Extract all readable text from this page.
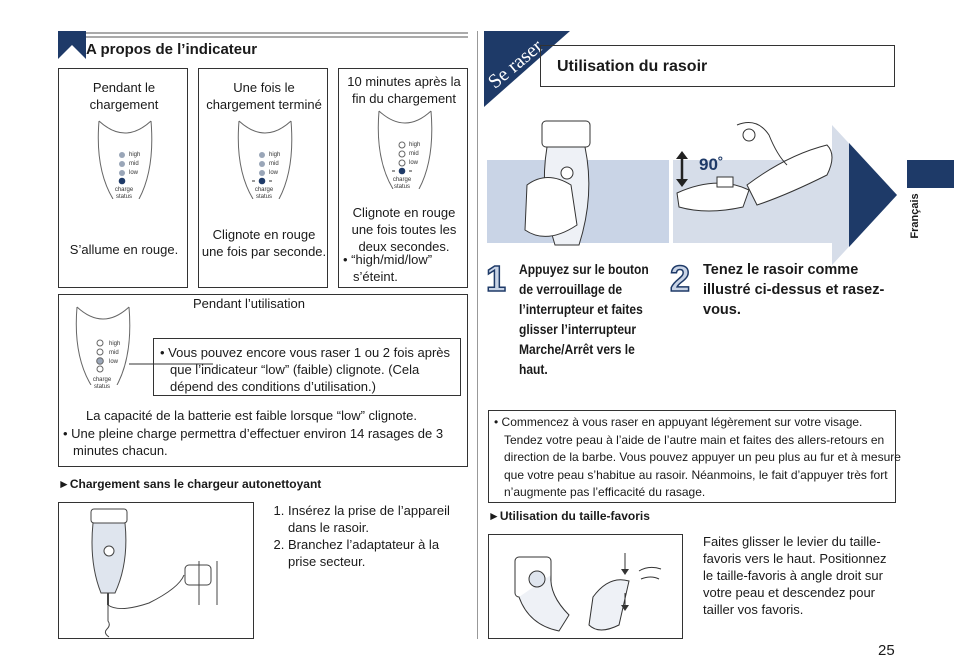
A propos de l’indicateur
Pendant le chargement
high
mid
low
charge
status
S’allume en rouge.
Une fois le chargement terminé
high
mid
low
charge
status
Clignote en rouge une fois par seconde.
10 minutes après la fin du chargement
high
mid
low
charge
status
Clignote en rouge une fois toutes les deux secondes.
• “high/mid/low” s’éteint.
Pendant l’utilisation
high
mid
low
charge
status
• Vous pouvez encore vous raser 1 ou 2 fois après que l’indicateur “low” (faible) clignote. (Cela dépend des conditions d’utilisation.)
La capacité de la batterie est faible lorsque “low” clignote.
• Une pleine charge permettra d’effectuer environ 14 rasages de 3 minutes chacun.
►Chargement sans le chargeur autonettoyant
1. Insérez la prise de l’appareil dans le rasoir.
2. Branchez l’adaptateur à la prise secteur.
Se raser Utilisation du rasoir
90˚
1 Appuyez sur le bouton de verrouillage de l’interrupteur et faites glisser l’interrupteur Marche/Arrêt vers le haut.
2 Tenez le rasoir comme illustré ci-dessus et rasez-vous.
• Commencez à vous raser en appuyant légèrement sur votre visage. Tendez votre peau à l’aide de l’autre main et faites des allers-retours en direction de la barbe. Vous pouvez appuyer un peu plus au fur et à mesure que votre peau s’habitue au rasoir. Néanmoins, le fait d’appuyer très fort n’augmente pas l’efficacité du rasage.
►Utilisation du taille-favoris
Faites glisser le levier du taille-favoris vers le haut. Positionnez le taille-favoris à angle droit sur votre peau et descendez pour tailler vos favoris.
Français
25
